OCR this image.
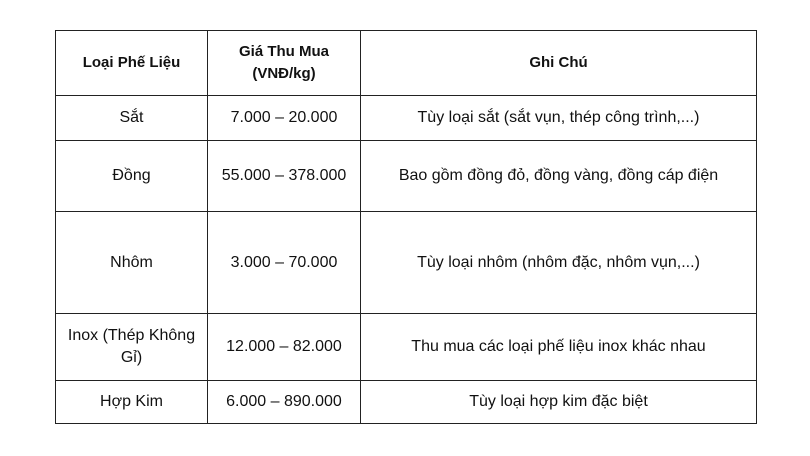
Loại Phế Liệu	Giá Thu Mua (VNĐ/kg)	Ghi Chú
Sắt	7.000 – 20.000	Tùy loại sắt (sắt vụn, thép công trình,...)
Đồng	55.000 – 378.000	Bao gồm đồng đỏ, đồng vàng, đồng cáp điện
Nhôm	3.000 – 70.000	Tùy loại nhôm (nhôm đặc, nhôm vụn,...)
Inox (Thép Không Gỉ)	12.000 – 82.000	Thu mua các loại phế liệu inox khác nhau
Hợp Kim	6.000 – 890.000	Tùy loại hợp kim đặc biệt
